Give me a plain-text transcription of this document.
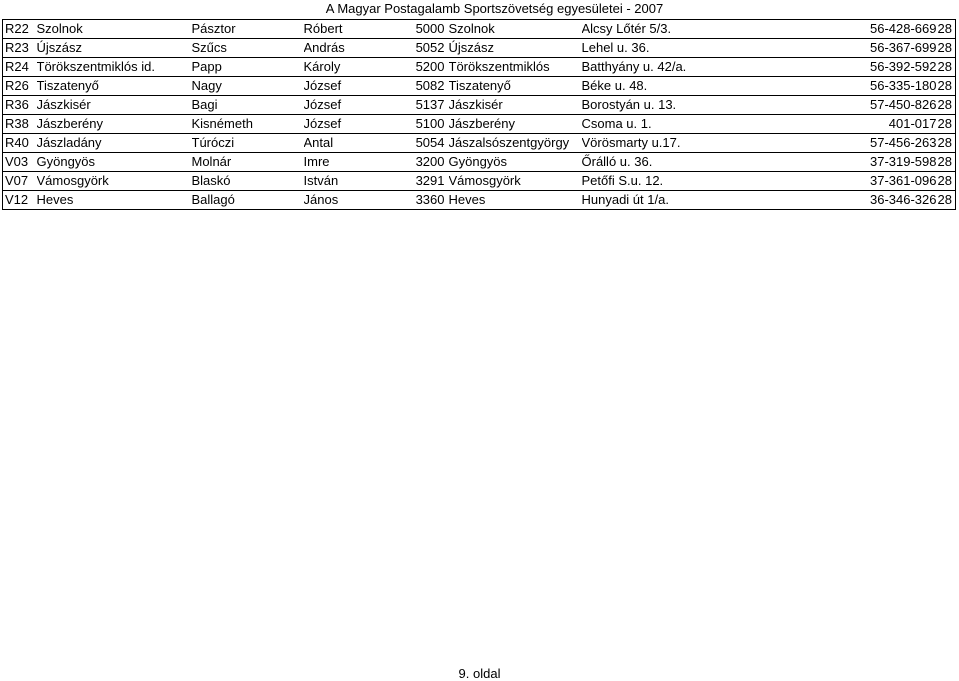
A Magyar Postagalamb Sportszövetség egyesületei - 2007
R22	Szolnok	Pásztor	Róbert	5000	Szolnok	Alcsy Lőtér 5/3.	56-428-669	28
R23	Újszász	Szűcs	András	5052	Újszász	Lehel u. 36.	56-367-699	28
R24	Törökszentmiklós id.	Papp	Károly	5200	Törökszentmiklós	Batthyány u. 42/a.	56-392-592	28
R26	Tiszatenyő	Nagy	József	5082	Tiszatenyő	Béke u. 48.	56-335-180	28
R36	Jászkisér	Bagi	József	5137	Jászkisér	Borostyán u. 13.	57-450-826	28
R38	Jászberény	Kisnémeth	József	5100	Jászberény	Csoma u. 1.	401-017	28
R40	Jászladány	Túróczi	Antal	5054	Jászalsószentgyörgy	Vörösmarty u.17.	57-456-263	28
V03	Gyöngyös	Molnár	Imre	3200	Gyöngyös	Őrálló u. 36.	37-319-598	28
V07	Vámosgyörk	Blaskó	István	3291	Vámosgyörk	Petőfi S.u. 12.	37-361-096	28
V12	Heves	Ballagó	János	3360	Heves	Hunyadi út 1/a.	36-346-326	28
9. oldal
